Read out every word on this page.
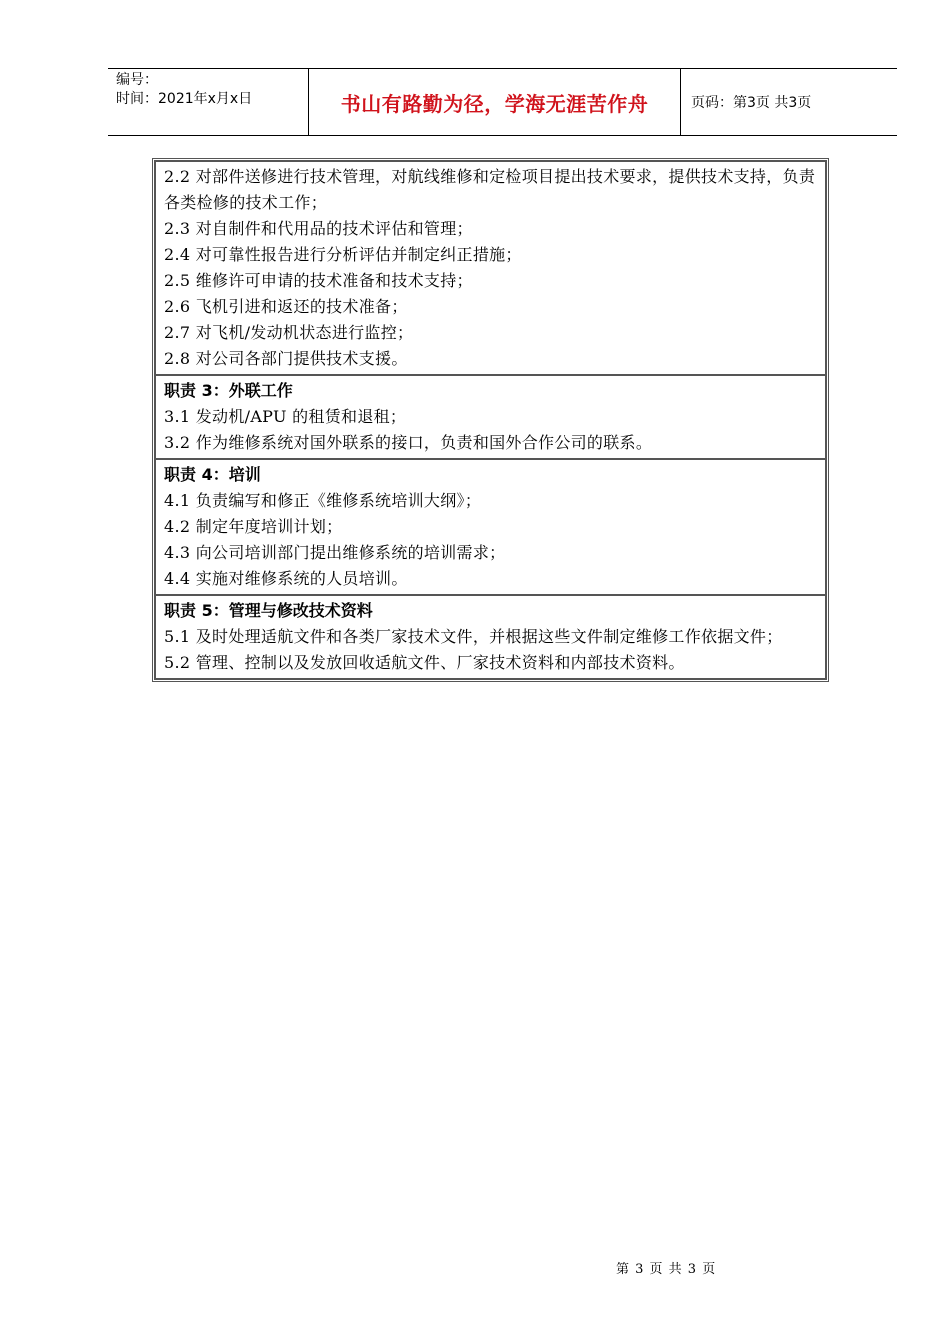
编号：
时间：2021年x月x日	书山有路勤为径，学海无涯苦作舟	页码：第3页 共3页
2.2 对部件送修进行技术管理，对航线维修和定检项目提出技术要求，提供技术支持，负责各类检修的技术工作；
2.3 对自制件和代用品的技术评估和管理；
2.4 对可靠性报告进行分析评估并制定纠正措施；
2.5 维修许可申请的技术准备和技术支持；
2.6 飞机引进和返还的技术准备；
2.7 对飞机/发动机状态进行监控；
2.8 对公司各部门提供技术支援。
职责 3：外联工作
3.1 发动机/APU 的租赁和退租；
3.2 作为维修系统对国外联系的接口，负责和国外合作公司的联系。
职责 4：培训
4.1 负责编写和修正《维修系统培训大纲》；
4.2 制定年度培训计划；
4.3 向公司培训部门提出维修系统的培训需求；
4.4 实施对维修系统的人员培训。
职责 5：管理与修改技术资料
5.1 及时处理适航文件和各类厂家技术文件，并根据这些文件制定维修工作依据文件；
5.2 管理、控制以及发放回收适航文件、厂家技术资料和内部技术资料。
第 3 页 共 3 页
